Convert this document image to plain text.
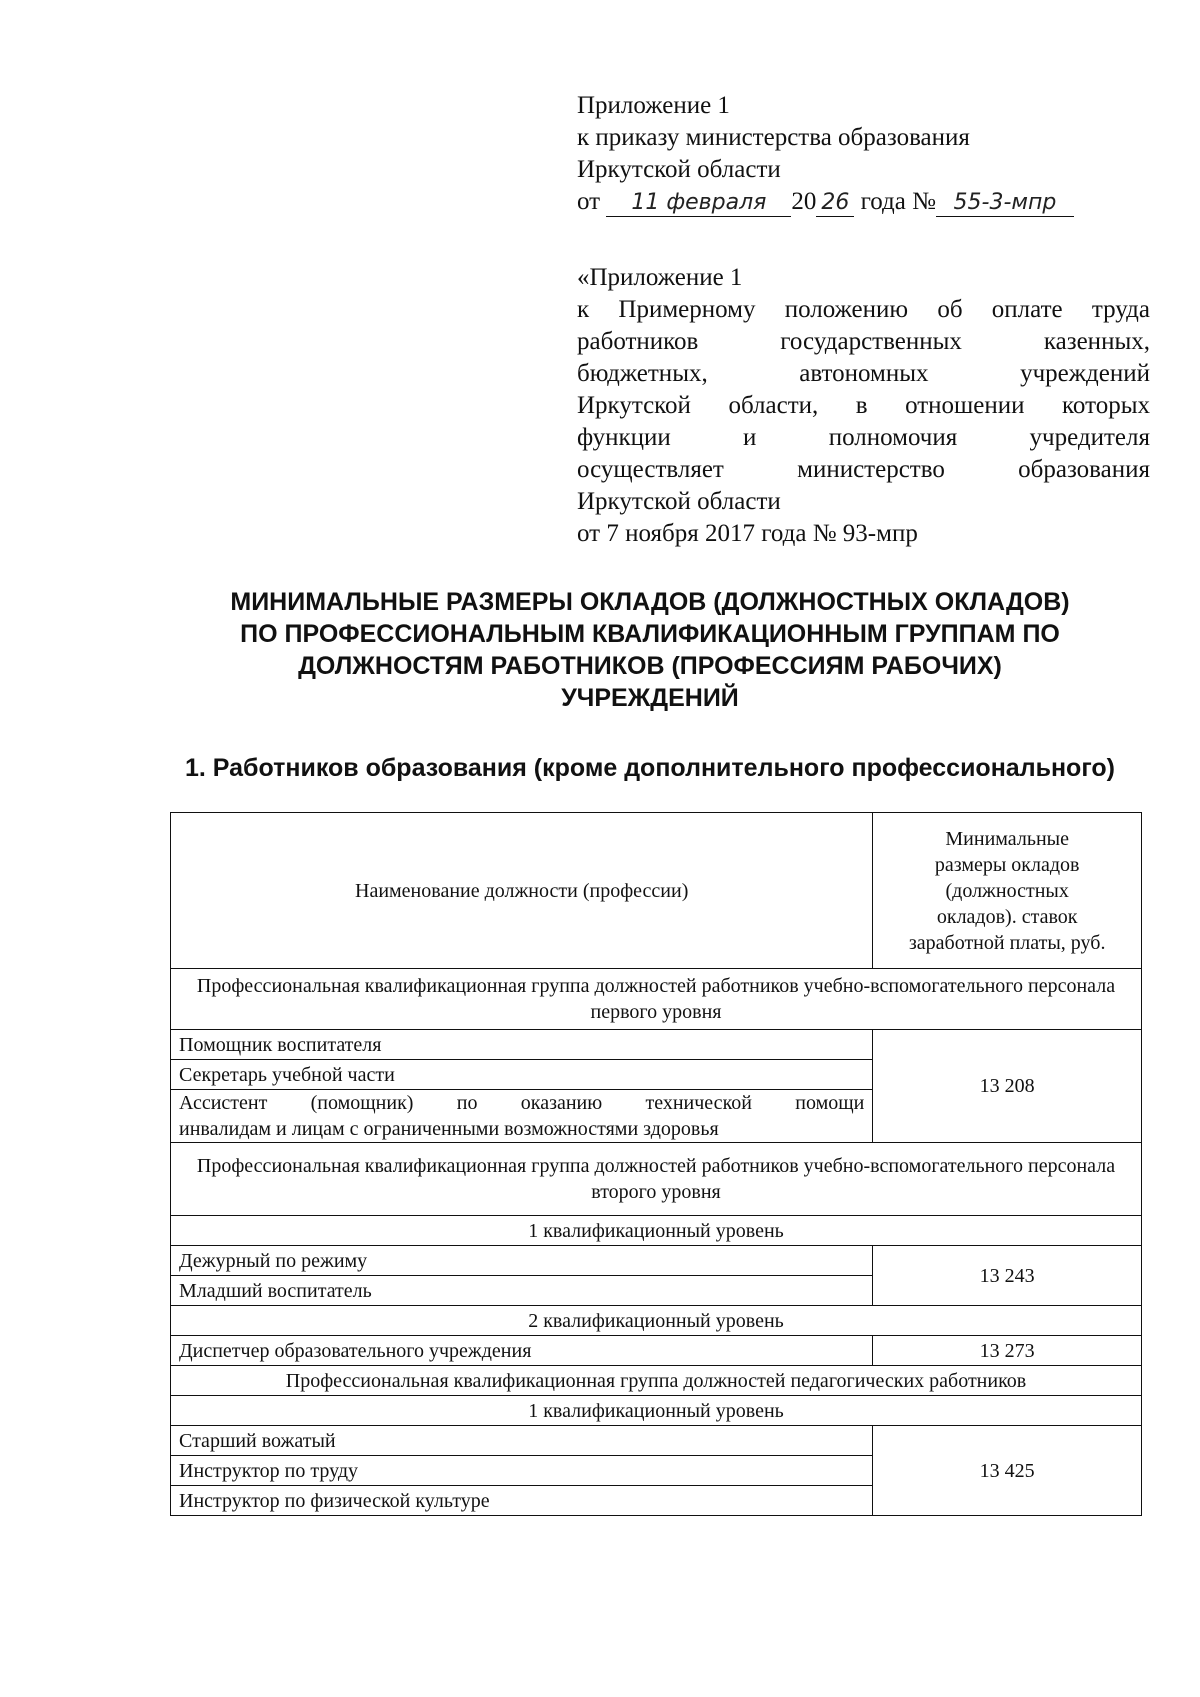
Приложение 1
к приказу министерства образования
Иркутской области
от 11 февраля 20 26 года № 55-3-мпр
«Приложение 1
к Примерному положению об оплате труда
работников государственных казенных,
бюджетных, автономных учреждений
Иркутской области, в отношении которых
функции и полномочия учредителя
осуществляет министерство образования
Иркутской области
от 7 ноября 2017 года № 93-мпр
МИНИМАЛЬНЫЕ РАЗМЕРЫ ОКЛАДОВ (ДОЛЖНОСТНЫХ ОКЛАДОВ)
ПО ПРОФЕССИОНАЛЬНЫМ КВАЛИФИКАЦИОННЫМ ГРУППАМ ПО
ДОЛЖНОСТЯМ РАБОТНИКОВ (ПРОФЕССИЯМ РАБОЧИХ)
УЧРЕЖДЕНИЙ
1. Работников образования (кроме дополнительного профессионального)
Наименование должности (профессии)	Минимальные
размеры окладов
(должностных
окладов). ставок
заработной платы, руб.

Профессиональная квалификационная группа должностей работников учебно-вспомогательного персонала первого уровня	
Помощник воспитателя	13 208
Секретарь учебной части	

Ассистент (помощник) по оказанию технической помощи
инвалидам и лицам с ограниченными возможностями здоровья	

Профессиональная квалификационная группа должностей работников учебно-вспомогательного персонала второго уровня	
1 квалификационный уровень	
Дежурный по режиму	13 243
Младший воспитатель	
2 квалификационный уровень	
Диспетчер образовательного учреждения	13 273
Профессиональная квалификационная группа должностей педагогических работников	
1 квалификационный уровень	
Старший вожатый	13 425
Инструктор по труду	
Инструктор по физической культуре	
